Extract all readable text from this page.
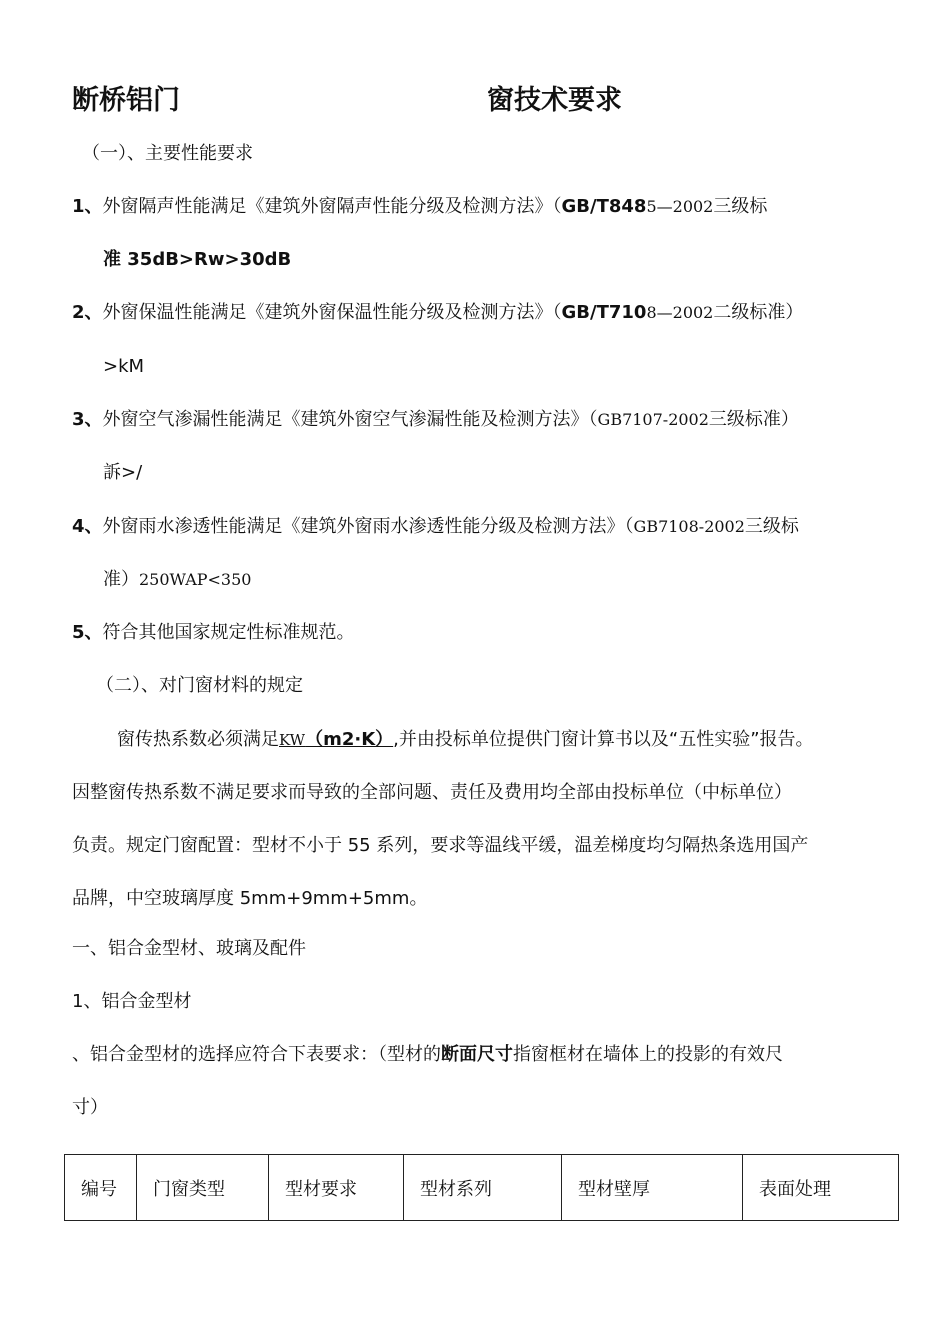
断桥铝门	窗技术要求
（一）、主要性能要求
1、外窗隔声性能满足《建筑外窗隔声性能分级及检测方法》（GB/T8485—2002三级标
准 35dB>Rw>30dB
2、外窗保温性能满足《建筑外窗保温性能分级及检测方法》（GB/T7108—2002二级标准）
>kM
3、外窗空气渗漏性能满足《建筑外窗空气渗漏性能及检测方法》（GB7107-2002三级标准）
訴>/
4、外窗雨水渗透性能满足《建筑外窗雨水渗透性能分级及检测方法》（GB7108-2002三级标
准）250WAP<350
5、符合其他国家规定性标准规范。
（二）、对门窗材料的规定
窗传热系数必须满足KW（m2·K）,并由投标单位提供门窗计算书以及“五性实验”报告。
因整窗传热系数不满足要求而导致的全部问题、责任及费用均全部由投标单位（中标单位）
负责。规定门窗配置：型材不小于 55 系列，要求等温线平缓，温差梯度均匀隔热条选用国产
品牌，中空玻璃厚度 5mm+9mm+5mm。
一、铝合金型材、玻璃及配件
1、铝合金型材
、铝合金型材的选择应符合下表要求：（型材的断面尺寸指窗框材在墙体上的投影的有效尺
寸）
编号	门窗类型	型材要求	型材系列	型材壁厚	表面处理
